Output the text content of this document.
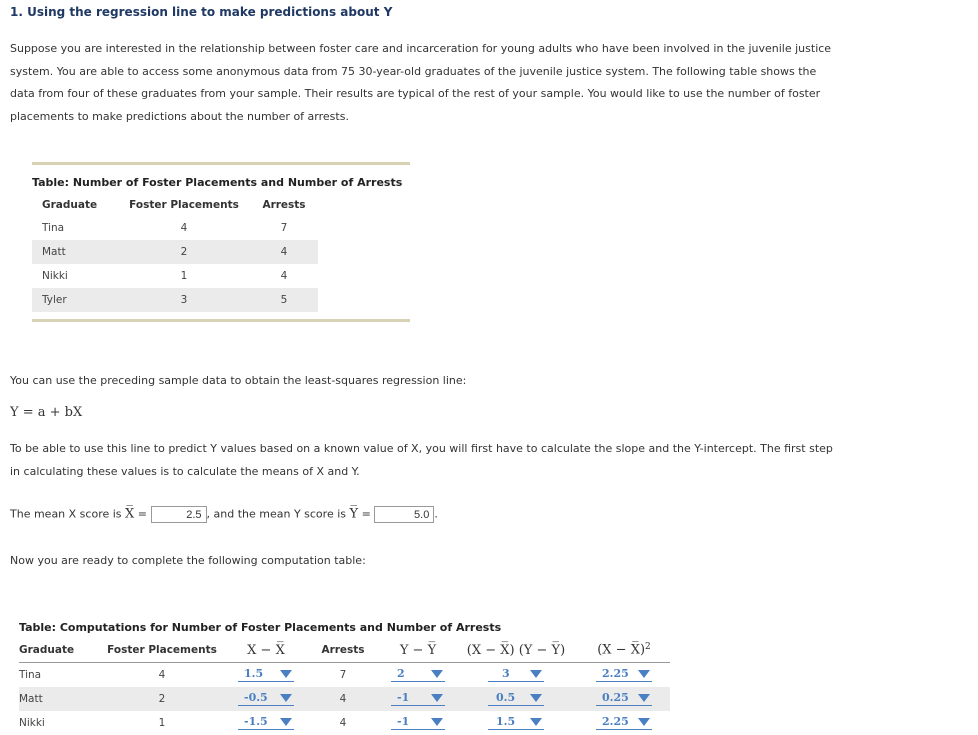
1. Using the regression line to make predictions about Y
Suppose you are interested in the relationship between foster care and incarceration for young adults who have been involved in the juvenile justice
system. You are able to access some anonymous data from 75 30-year-old graduates of the juvenile justice system. The following table shows the
data from four of these graduates from your sample. Their results are typical of the rest of your sample. You would like to use the number of foster
placements to make predictions about the number of arrests.
Table: Number of Foster Placements and Number of Arrests
Graduate	Foster Placements	Arrests
Tina	4	7
Matt	2	4
Nikki	1	4
Tyler	3	5
You can use the preceding sample data to obtain the least-squares regression line:
Y = a + bX
To be able to use this line to predict Y values based on a known value of X, you will first have to calculate the slope and the Y-intercept. The first step
in calculating these values is to calculate the means of X and Y.
The mean X score is X̅ =	2.5 , and the mean Y score is Y̅ =	5.0 .
Now you are ready to complete the following computation table:
Table: Computations for Number of Foster Placements and Number of Arrests
Graduate	Foster Placements	X − X̅	Arrests	Y − Y̅	(X − X̅) (Y − Y̅)	(X − X̅)$^2$
Tina	4	1.5	7	2	3	2.25

Matt	2	-0.5	4	-1	0.5	0.25

Nikki	1	-1.5	4	-1	1.5	2.25
